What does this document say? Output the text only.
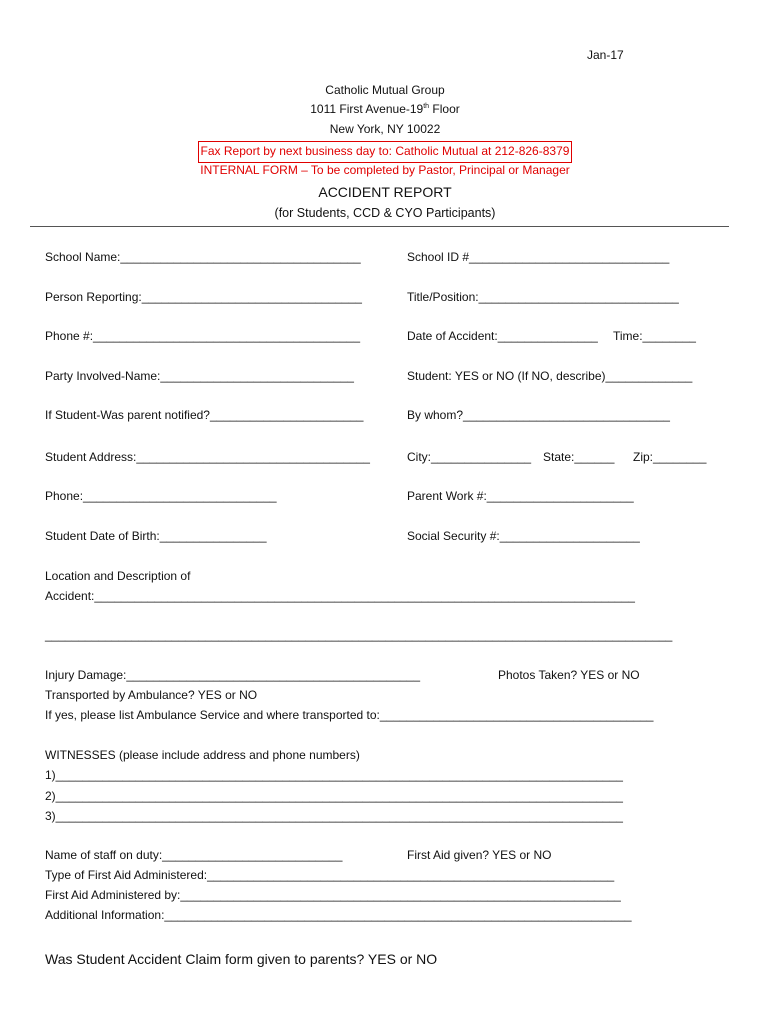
Jan-17
Catholic Mutual Group
1011 First Avenue-19th Floor
New York, NY 10022
Fax Report by next business day to: Catholic Mutual at 212-826-8379
INTERNAL FORM – To be completed by Pastor, Principal or Manager
ACCIDENT REPORT
(for Students, CCD & CYO Participants)
School Name:____________________________________	School ID #______________________________
Person Reporting:_________________________________	Title/Position:______________________________
Phone #:________________________________________	Date of Accident:_______________ Time:________
Party Involved-Name:_____________________________	Student: YES or NO (If NO, describe)_____________
If Student-Was parent notified?_______________________	By whom?_______________________________
Student Address:___________________________________	City:_______________ State:______ Zip:________
Phone:_____________________________	Parent Work #:______________________
Student Date of Birth:________________	Social Security #:_____________________
Location and Description of
Accident:_________________________________________________________________________________
______________________________________________________________________________________________
Injury Damage:____________________________________________	Photos Taken? YES or NO
Transported by Ambulance? YES or NO
If yes, please list Ambulance Service and where transported to:_________________________________________
WITNESSES (please include address and phone numbers)
1)_____________________________________________________________________________________
2)_____________________________________________________________________________________
3)_____________________________________________________________________________________
Name of staff on duty:___________________________	First Aid given? YES or NO
Type of First Aid Administered:_____________________________________________________________
First Aid Administered by:__________________________________________________________________
Additional Information:______________________________________________________________________
Was Student Accident Claim form given to parents? YES or NO
